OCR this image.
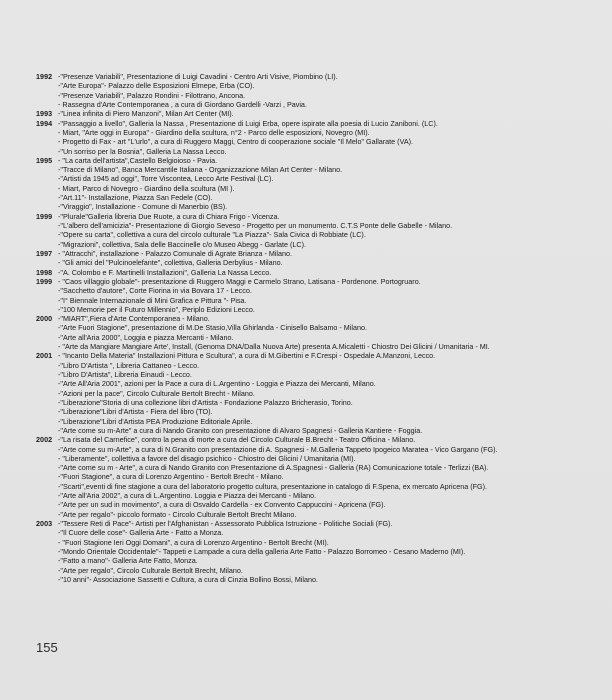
1992 -"Presenze Variabili", Presentazione di Luigi Cavadini - Centro Arti Visive, Piombino (LI).
-"Arte Europa"- Palazzo delle Esposizioni Elmepe, Erba (CO).
-"Presenze Variabili", Palazzo Rondini - Filottrano, Ancona.
- Rassegna d'Arte Contemporanea , a cura di Giordano Gardelli -Varzi , Pavia.
1993 -"Linea infinita di Piero Manzoni", Milan Art Center (MI).
1994 -"Passaggio a livello", Galleria la Nassa , Presentazione di Luigi Erba, opere ispirate alla poesia di Lucio Zaniboni. (LC).
- Miart, "Arte oggi in Europa" - Giardino della scultura, n°2 - Parco delle esposizioni, Novegro (MI).
- Progetto di Fax - art "L'urlo", a cura di Ruggero Maggi, Centro di cooperazione sociale "Il Melo" Gallarate (VA).
-"Un sorriso per la Bosnia", Galleria La Nassa Lecco.
1995 - "La carta dell'artista",Castello Belgioioso - Pavia.
-"Tracce di Milano", Banca Mercantile Italiana - Organizzazione Milan Art Center - Milano.
-"Artisti da 1945 ad oggi", Torre Viscontea, Lecco Arte Festival (LC).
- Miart, Parco di Novegro - Giardino della scultura (MI ).
-"Art.11"- Installazione, Piazza San Fedele (CO).
-"Viraggio", Installazione - Comune di Manerbio (BS).
1999 -"Plurale"Galleria libreria Due Ruote, a cura di Chiara Frigo - Vicenza.
-"L'albero dell'amicizia"- Presentazione di Giorgio Seveso - Progetto per un monumento. C.T.S Ponte delle Gabelle - Milano.
-"Opere su carta", collettiva a cura del circolo culturale "La Piazza"- Sala Civica di Robbiate (LC).
-"Migrazioni", collettiva, Sala delle Baccinelle c/o Museo Abegg - Garlate (LC).
1997 - "Attracchi", installazione - Palazzo Comunale di Agrate Brianza - Milano.
- "Gli amici del "Pulcinoelefante", collettiva, Galleria Derbylius - Milano.
1998 -"A. Colombo e F. Martinelli Installazioni", Galleria La Nassa Lecco.
1999 - "Caos villaggio globale"- presentazione di Ruggero Maggi e Carmelo Strano, Latisana - Pordenone. Portogruaro.
-"Sacchetto d'autore", Corte Fiorina in via Bovara 17 - Lecco.
-"I° Biennale Internazionale di Mini Grafica e Pittura "- Pisa.
-"100 Memorie per il Futuro Millennio", Periplo Edizioni Lecco.
2000 -"MIART",Fiera d'Arte Contemporanea - Milano.
-"Arte Fuori Stagione", presentazione di M.De Stasio,Villa Ghirlanda - Cinisello Balsamo - Milano.
-"Arte all'Aria 2000", Loggia e piazza Mercanti - Milano.
- "Arte da Mangiare Mangiare Arte', Install, (Genoma DNA/Dalla Nuova Arte) presenta A.Micaletti - Chiostro Dei Glicini / Umanitaria - MI.
2001 - "Incanto Della Materia" Installazioni Pittura e Scultura", a cura di M.Gibertini e F.Crespi - Ospedale A.Manzoni, Lecco.
-"Libro D'Artista ", Libreria Cattaneo - Lecco.
-"Libro D'Artista", Libreria Einaudi - Lecco.
-"Arte All'Aria 2001", azioni per la Pace a cura di L.Argentino - Loggia e Piazza dei Mercanti, Milano.
-"Azioni per la pace", Circolo Culturale Bertolt Brecht - Milano.
-"Liberazione"Storia di una collezione libri d'Artista - Fondazione Palazzo Bricherasio, Torino.
-"Liberazione"Libri d'Artista - Fiera del libro (TO).
-"Liberazione"Libri d'Artista PEA Produzione Editoriale Aprile.
-"Arte come su m-Arte" a cura di Nando Granito con presentazione di Alvaro Spagnesi - Galleria Kantiere - Foggia.
2002 -"La risata del Carnefice", contro la pena di morte a cura del Circolo Culturale B.Brecht - Teatro Officina - Milano.
-"Arte come su m-Arte", a cura di N.Granito con presentazione di A. Spagnesi - M.Galleria Tappeto Ipogeico Maratea - Vico Gargano (FG).
- "Liberamente", collettiva a favore del disagio psichico - Chiostro dei Glicini / Umanitaria (MI).
-"Arte come su m - Arte", a cura di Nando Granito con Presentazione di A.Spagnesi - Galleria (RA) Comunicazione totale - Terlizzi (BA).
-"Fuori Stagione", a cura di Lorenzo Argentino - Bertolt Brecht - Milano.
-"Scarti",eventi di fine stagione a cura del laboratorio progetto cultura, presentazione in catalogo di F.Spena, ex mercato Apricena (FG).
-"Arte all'Aria 2002", a cura di L.Argentino. Loggia e Piazza dei Mercanti - Milano.
-"Arte per un sud in movimento", a cura di Osvaldo Cardella - ex Convento Cappuccini - Apricena (FG).
-"Arte per regalo"- piccolo formato - Circolo Culturale Bertolt Brecht Milano.
2003 -"Tessere Reti di Pace"- Artisti per l'Afghanistan - Assessorato Pubblica Istruzione - Politiche Sociali (FG).
-"Il Cuore delle cose"- Galleria Arte - Fatto a Monza.
- "Fuori Stagione Ieri Oggi Domani", a cura di Lorenzo Argentino - Bertolt Brecht (MI).
-"Mondo Orientale Occidentale"- Tappeti e Lampade a cura della galleria Arte Fatto - Palazzo Borromeo - Cesano Maderno (MI).
-"Fatto a mano"- Galleria Arte Fatto, Monza.
-"Arte per regalo", Circolo Culturale Bertolt Brecht, Milano.
-"10 anni"- Associazione Sassetti e Cultura, a cura di Cinzia Bollino Bossi, Milano.
155
